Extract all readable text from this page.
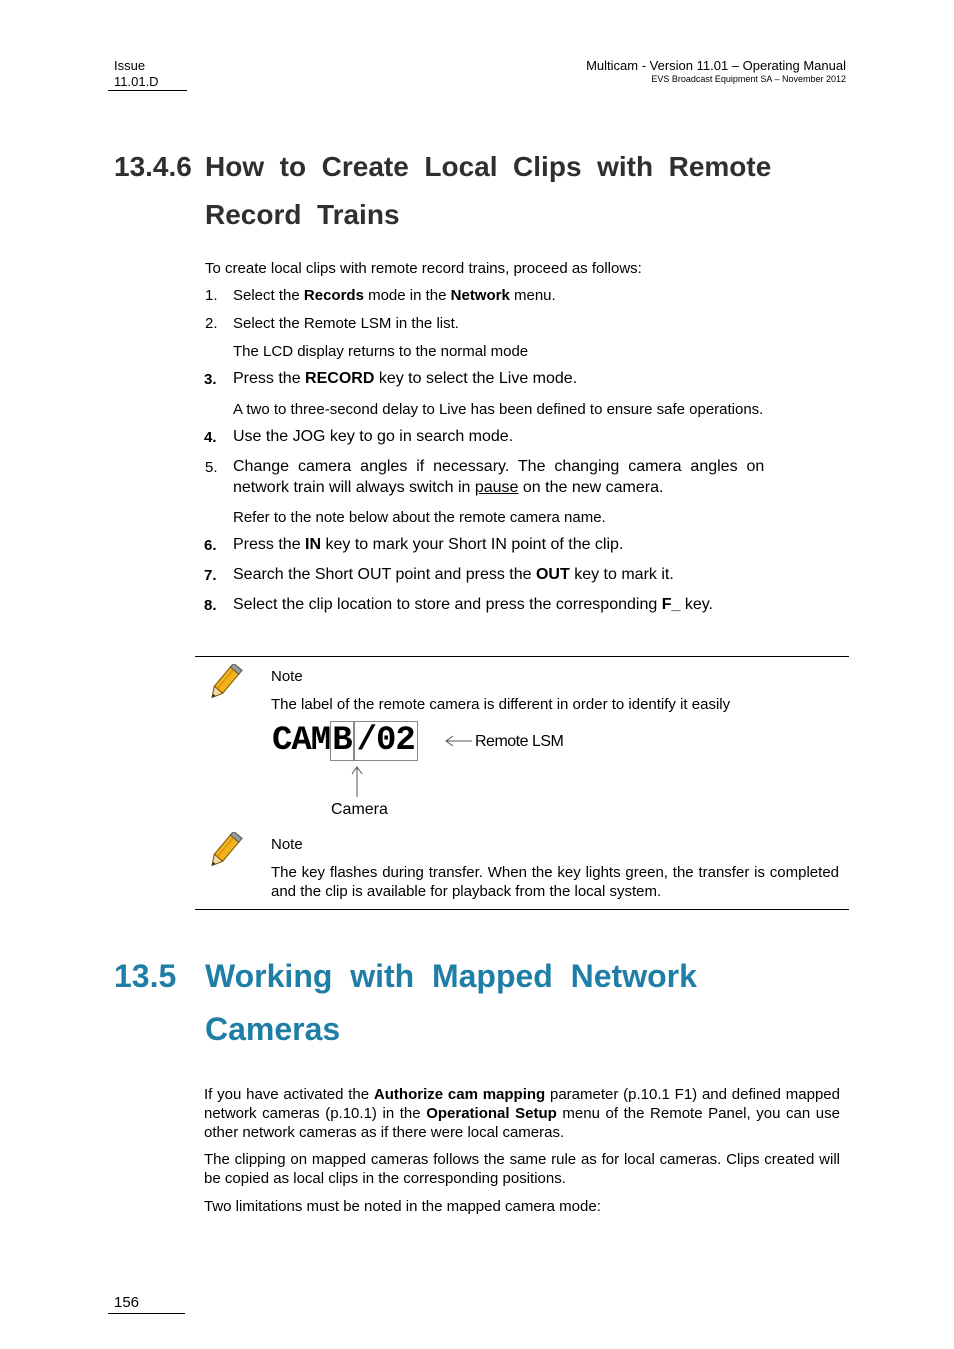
Issue
11.01.D
Multicam - Version 11.01 – Operating Manual
EVS Broadcast Equipment SA – November 2012
13.4.6 How  to  Create  Local  Clips  with  Remote
Record  Trains
To create local clips with remote record trains, proceed as follows:
1. Select the Records mode in the Network menu.
2. Select the Remote LSM in the list.
The LCD display returns to the normal mode
3. Press the RECORD key to select the Live mode.
A two to three-second delay to Live has been defined to ensure safe operations.
4. Use the JOG key to go in search mode.
5. Change  camera  angles  if  necessary.  The  changing  camera  angles  on
network train will always switch in pause on the new camera.
Refer to the note below about the remote camera name.
6. Press the IN key to mark your Short IN point of the clip.
7. Search the Short OUT point and press the OUT key to mark it.
8. Select the clip location to store and press the corresponding F_ key.
Note
The label of the remote camera is different in order to identify it easily
CAMB /02	Remote LSM
Camera
Note
The key flashes during transfer. When the key lights green, the transfer is completed and the clip is available for playback from the local system.
13.5 Working  with  Mapped  Network
Cameras
If you have activated the Authorize cam mapping parameter (p.10.1 F1) and defined mapped network cameras (p.10.1) in the Operational Setup menu of the Remote Panel, you can use other network cameras as if there were local cameras.
The clipping on mapped cameras follows the same rule as for local cameras. Clips created will be copied as local clips in the corresponding positions.
Two limitations must be noted in the mapped camera mode:
156
